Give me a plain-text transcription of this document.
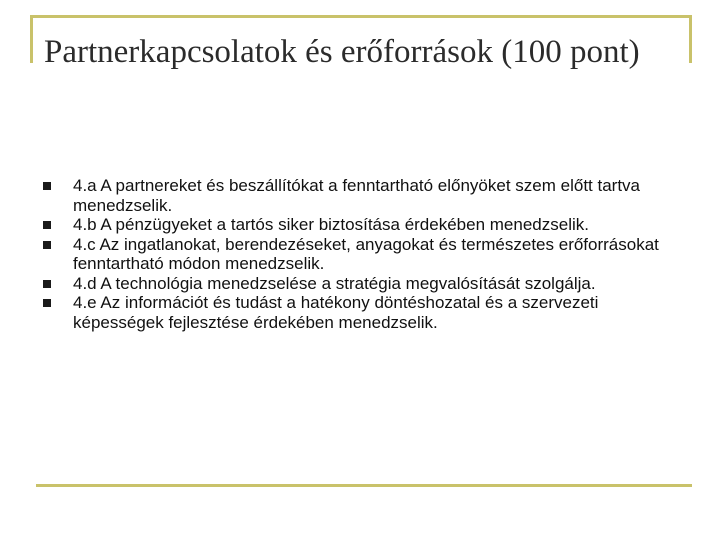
Partnerkapcsolatok és erőforrások (100 pont)
4.a A partnereket és beszállítókat a fenntartható előnyöket szem előtt tartva menedzselik.
4.b A pénzügyeket a tartós siker biztosítása érdekében menedzselik.
4.c Az ingatlanokat, berendezéseket, anyagokat és természetes erőforrásokat fenntartható módon menedzselik.
4.d A technológia menedzselése a stratégia megvalósítását szolgálja.
4.e Az információt és tudást a hatékony döntéshozatal és a szervezeti képességek fejlesztése érdekében menedzselik.
